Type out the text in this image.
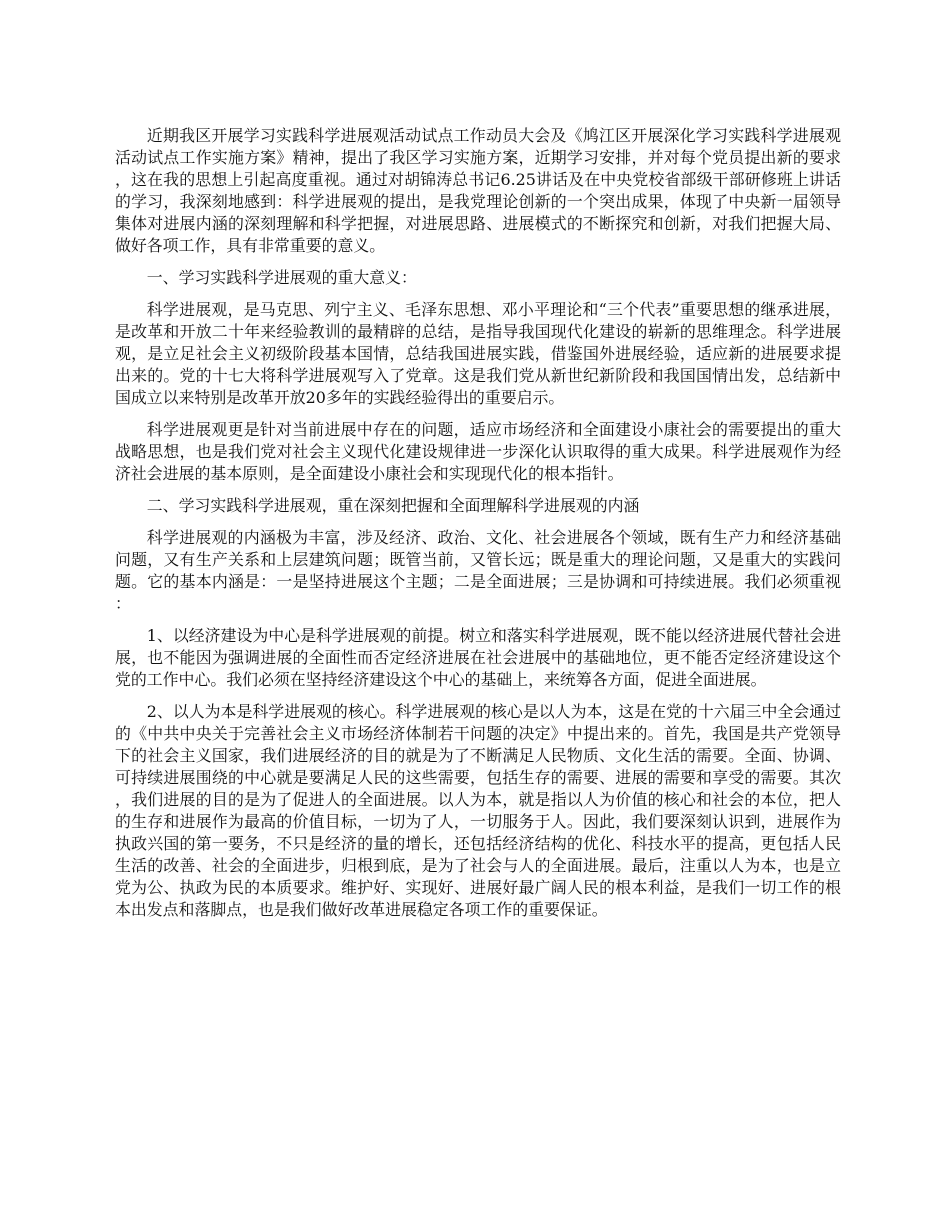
近期我区开展学习实践科学进展观活动试点工作动员大会及《鸠江区开展深化学习实践科学进展观活动试点工作实施方案》精神，提出了我区学习实施方案，近期学习安排，并对每个党员提出新的要求，这在我的思想上引起高度重视。通过对胡锦涛总书记6.25讲话及在中央党校省部级干部研修班上讲话的学习，我深刻地感到：科学进展观的提出，是我党理论创新的一个突出成果，体现了中央新一届领导集体对进展内涵的深刻理解和科学把握，对进展思路、进展模式的不断探究和创新，对我们把握大局、做好各项工作，具有非常重要的意义。

一、学习实践科学进展观的重大意义：

科学进展观，是马克思、列宁主义、毛泽东思想、邓小平理论和“三个代表”重要思想的继承进展，是改革和开放二十年来经验教训的最精辟的总结，是指导我国现代化建设的崭新的思维理念。科学进展观，是立足社会主义初级阶段基本国情，总结我国进展实践，借鉴国外进展经验，适应新的进展要求提出来的。党的十七大将科学进展观写入了党章。这是我们党从新世纪新阶段和我国国情出发，总结新中国成立以来特别是改革开放20多年的实践经验得出的重要启示。

科学进展观更是针对当前进展中存在的问题，适应市场经济和全面建设小康社会的需要提出的重大战略思想，也是我们党对社会主义现代化建设规律进一步深化认识取得的重大成果。科学进展观作为经济社会进展的基本原则，是全面建设小康社会和实现现代化的根本指针。

二、学习实践科学进展观，重在深刻把握和全面理解科学进展观的内涵

科学进展观的内涵极为丰富，涉及经济、政治、文化、社会进展各个领域，既有生产力和经济基础问题，又有生产关系和上层建筑问题；既管当前，又管长远；既是重大的理论问题，又是重大的实践问题。它的基本内涵是：一是坚持进展这个主题；二是全面进展；三是协调和可持续进展。我们必须重视：

1、以经济建设为中心是科学进展观的前提。树立和落实科学进展观，既不能以经济进展代替社会进展，也不能因为强调进展的全面性而否定经济进展在社会进展中的基础地位，更不能否定经济建设这个党的工作中心。我们必须在坚持经济建设这个中心的基础上，来统筹各方面，促进全面进展。

2、以人为本是科学进展观的核心。科学进展观的核心是以人为本，这是在党的十六届三中全会通过的《中共中央关于完善社会主义市场经济体制若干问题的决定》中提出来的。首先，我国是共产党领导下的社会主义国家，我们进展经济的目的就是为了不断满足人民物质、文化生活的需要。全面、协调、可持续进展围绕的中心就是要满足人民的这些需要，包括生存的需要、进展的需要和享受的需要。其次，我们进展的目的是为了促进人的全面进展。以人为本，就是指以人为价值的核心和社会的本位，把人的生存和进展作为最高的价值目标，一切为了人，一切服务于人。因此，我们要深刻认识到，进展作为执政兴国的第一要务，不只是经济的量的增长，还包括经济结构的优化、科技水平的提高，更包括人民生活的改善、社会的全面进步，归根到底，是为了社会与人的全面进展。最后，注重以人为本，也是立党为公、执政为民的本质要求。维护好、实现好、进展好最广阔人民的根本利益，是我们一切工作的根本出发点和落脚点，也是我们做好改革进展稳定各项工作的重要保证。
